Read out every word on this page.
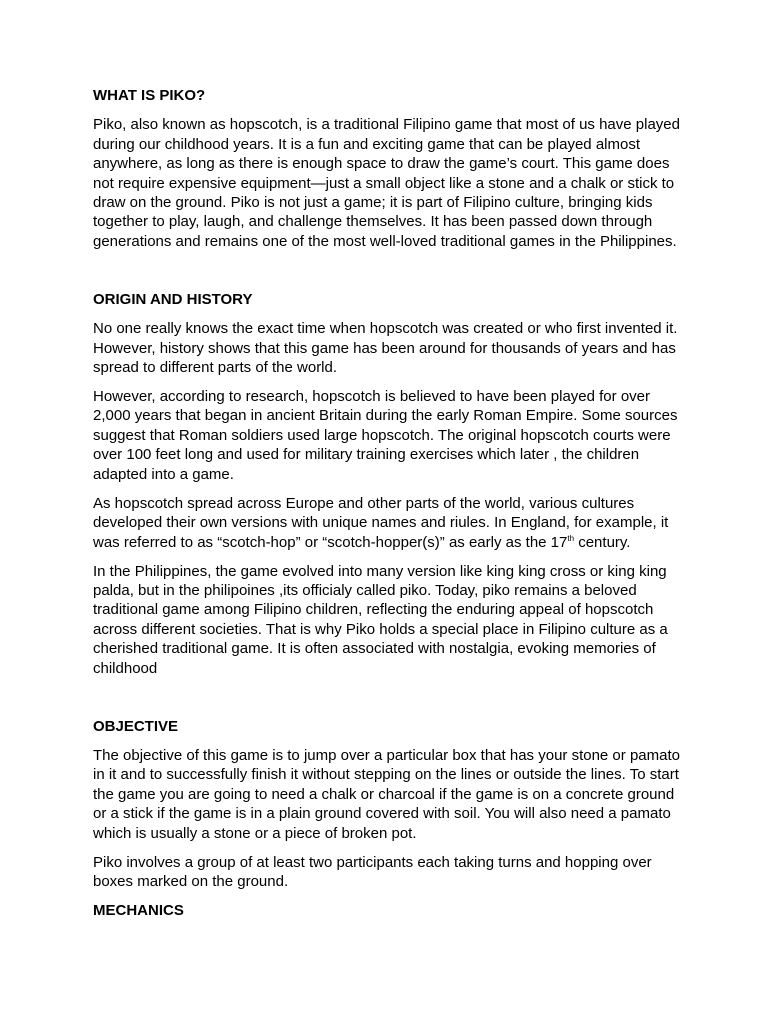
WHAT IS PIKO?

Piko, also known as hopscotch, is a traditional Filipino game that most of us have played during our childhood years. It is a fun and exciting game that can be played almost anywhere, as long as there is enough space to draw the game’s court. This game does not require expensive equipment—just a small object like a stone and a chalk or stick to draw on the ground. Piko is not just a game; it is part of Filipino culture, bringing kids together to play, laugh, and challenge themselves. It has been passed down through generations and remains one of the most well-loved traditional games in the Philippines.

ORIGIN AND HISTORY

No one really knows the exact time when hopscotch was created or who first invented it. However, history shows that this game has been around for thousands of years and has spread to different parts of the world.

However, according to research, hopscotch is believed to have been played for over 2,000 years that began in ancient Britain during the early Roman Empire. Some sources suggest that Roman soldiers used large hopscotch. The original hopscotch courts were over 100 feet long and used for military training exercises which later , the children adapted into a game.

As hopscotch spread across Europe and other parts of the world, various cultures developed their own versions with unique names and riules. In England, for example, it was referred to as “scotch-hop” or “scotch-hopper(s)” as early as the 17th century.

In the Philippines, the game evolved into many version like king king cross or king king palda, but in the philipoines ,its officialy called piko. Today, piko remains a beloved traditional game among Filipino children, reflecting the enduring appeal of hopscotch across different societies. That is why Piko holds a special place in Filipino culture as a cherished traditional game. It is often associated with nostalgia, evoking memories of childhood

OBJECTIVE

The objective of this game is to jump over a particular box that has your stone or pamato in it and to successfully finish it without stepping on the lines or outside the lines. To start the game you are going to need a chalk or charcoal if the game is on a concrete ground or a stick if the game is in a plain ground covered with soil. You will also need a pamato which is usually a stone or a piece of broken pot.

Piko involves a group of at least two participants each taking turns and hopping over boxes marked on the ground.

MECHANICS
